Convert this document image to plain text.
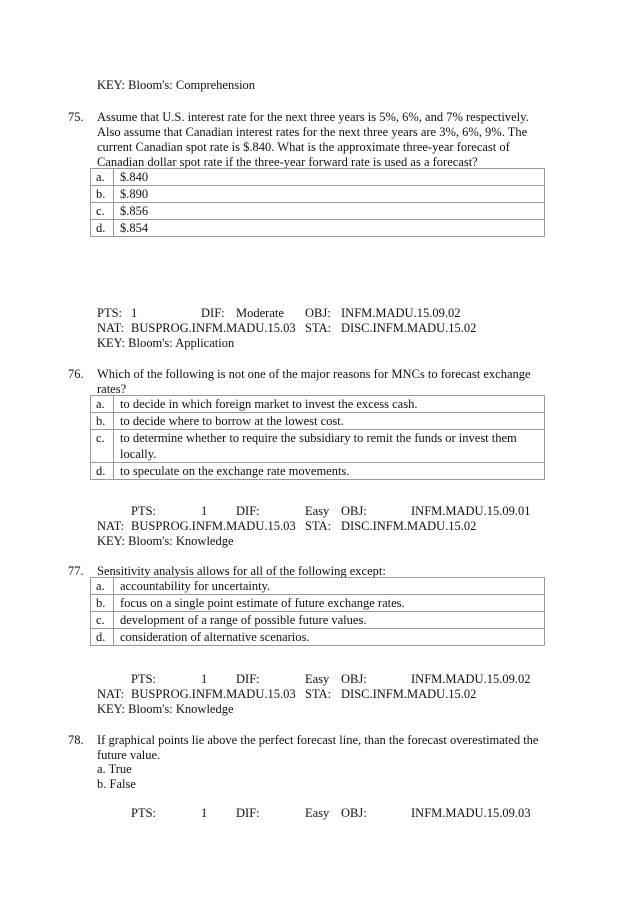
KEY: Bloom's: Comprehension
75. Assume that U.S. interest rate for the next three years is 5%, 6%, and 7% respectively.
Also assume that Canadian interest rates for the next three years are 3%, 6%, 9%. The
current Canadian spot rate is $.840. What is the approximate three-year forecast of
Canadian dollar spot rate if the three-year forward rate is used as a forecast?
a.	$.840
b.	$.890
c.	$.856
d.	$.854
PTS: 1	DIF: Moderate OBJ: INFM.MADU.15.09.02
NAT: BUSPROG.INFM.MADU.15.03 STA: DISC.INFM.MADU.15.02
KEY: Bloom's: Application
76. Which of the following is not one of the major reasons for MNCs to forecast exchange
rates?
a.	to decide in which foreign market to invest the excess cash.
b.	to decide where to borrow at the lowest cost.
c.	to determine whether to require the subsidiary to remit the funds or invest them
locally.

d.	to speculate on the exchange rate movements.
PTS:	1 DIF:	Easy OBJ:	INFM.MADU.15.09.01
NAT: BUSPROG.INFM.MADU.15.03 STA: DISC.INFM.MADU.15.02
KEY: Bloom's: Knowledge
77. Sensitivity analysis allows for all of the following except:
a.	accountability for uncertainty.
b.	focus on a single point estimate of future exchange rates.
c.	development of a range of possible future values.
d.	consideration of alternative scenarios.
PTS:	1 DIF:	Easy OBJ:	INFM.MADU.15.09.02
NAT: BUSPROG.INFM.MADU.15.03 STA: DISC.INFM.MADU.15.02
KEY: Bloom's: Knowledge
78. If graphical points lie above the perfect forecast line, than the forecast overestimated the
future value.
a. True
b. False
PTS:	1 DIF:	Easy OBJ:	INFM.MADU.15.09.03
